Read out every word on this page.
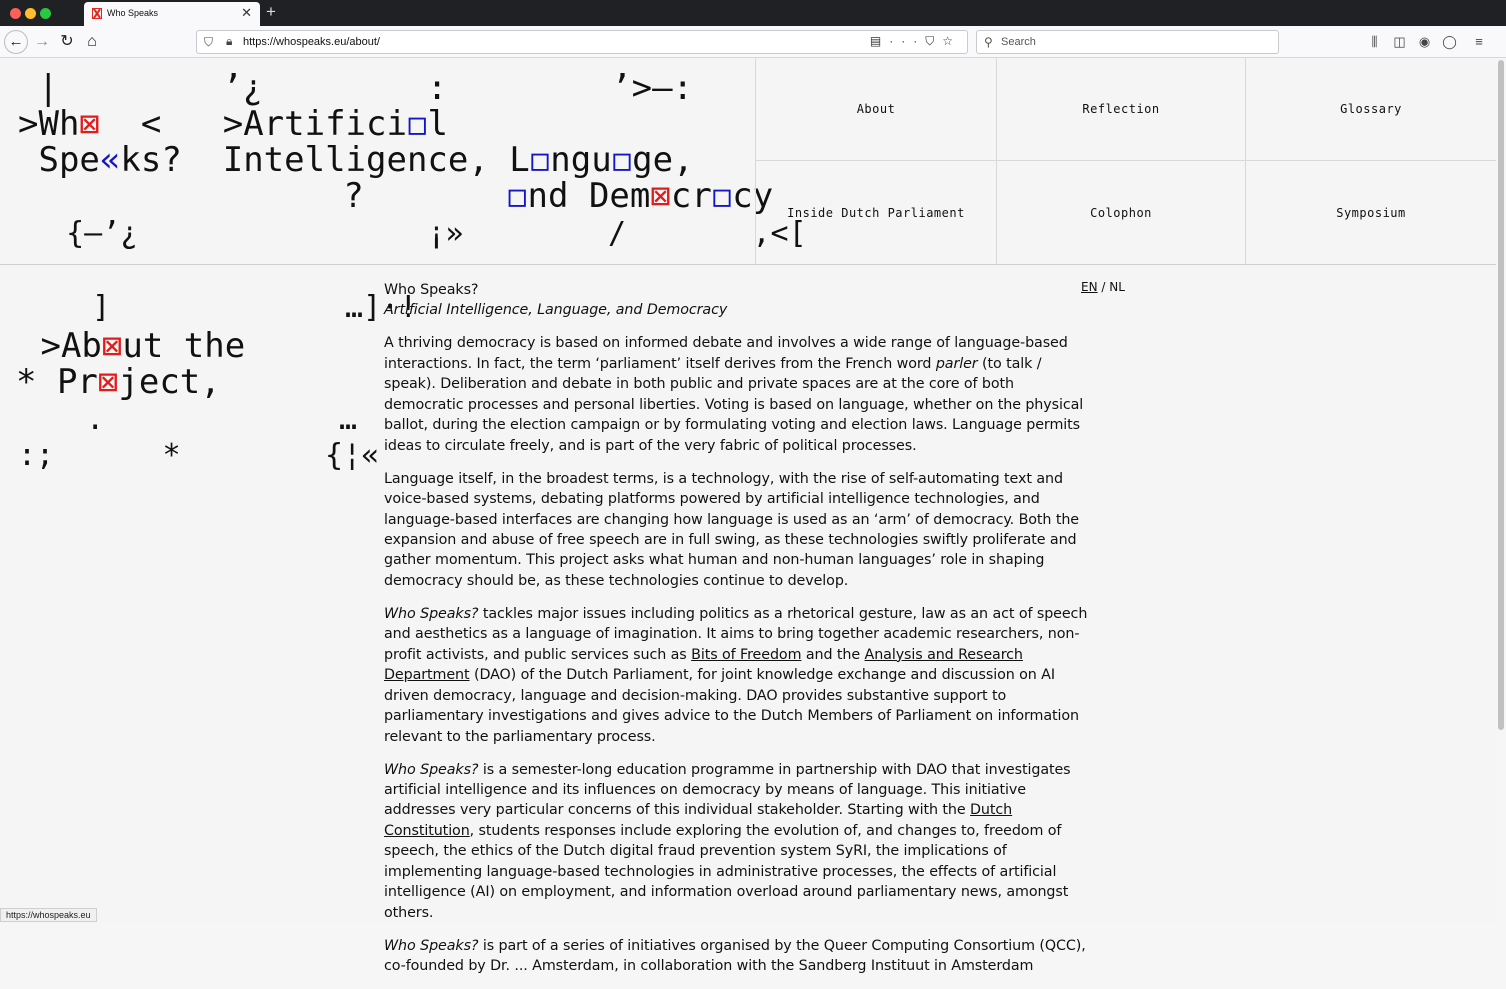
Who Speaks	✕ +
← → ↻ ⌂	⛉ 🔒︎ https://whospeaks.eu/about/	▤···⛉☆ ⚲ Search	⫼ ◫ ◉ ◯ ≡
|        ’¿        :        ’>–:
>Wh⊠  <   >Artifici◻l
Spe«ks?  Intelligence, L◻ngu◻ge,
?       ◻nd Dem⊠cr◻cy
{–’¿                ¡»        /       ,<[
About	Reflection	Glossary
Inside Dutch Parliament	Colophon	Symposium
]             …]·!
>Ab⊠ut the
* Pr⊠ject,
.             …
:;      *        {¦«
EN / NL

Who Speaks?
Artificial Intelligence, Language, and Democracy

A thriving democracy is based on informed debate and involves a wide range of language-based interactions. In fact, the term ‘parliament’ itself derives from the French word parler (to talk / speak). Deliberation and debate in both public and private spaces are at the core of both democratic processes and personal liberties. Voting is based on language, whether on the physical ballot, during the election campaign or by formulating voting and election laws. Language permits ideas to circulate freely, and is part of the very fabric of political processes.

Language itself, in the broadest terms, is a technology, with the rise of self-automating text and voice-based systems, debating platforms powered by artificial intelligence technologies, and language-based interfaces are changing how language is used as an ‘arm’ of democracy. Both the expansion and abuse of free speech are in full swing, as these technologies swiftly proliferate and gather momentum. This project asks what human and non-human languages’ role in shaping democracy should be, as these technologies continue to develop.

Who Speaks? tackles major issues including politics as a rhetorical gesture, law as an act of speech and aesthetics as a language of imagination. It aims to bring together academic researchers, non-profit activists, and public services such as Bits of Freedom and the Analysis and Research Department (DAO) of the Dutch Parliament, for joint knowledge exchange and discussion on AI driven democracy, language and decision-making. DAO provides substantive support to parliamentary investigations and gives advice to the Dutch Members of Parliament on information relevant to the parliamentary process.

Who Speaks? is a semester-long education programme in partnership with DAO that investigates artificial intelligence and its influences on democracy by means of language. This initiative addresses very particular concerns of this individual stakeholder. Starting with the Dutch Constitution, students responses include exploring the evolution of, and changes to, freedom of speech, the ethics of the Dutch digital fraud prevention system SyRI, the implications of implementing language-based technologies in administrative processes, the effects of artificial intelligence (AI) on employment, and information overload around parliamentary news, amongst others.

Who Speaks? is part of a series of initiatives organised by the Queer Computing Consortium (QCC), co-founded by Dr. ... Amsterdam, in collaboration with the Sandberg Instituut in Amsterdam

https://whospeaks.eu
